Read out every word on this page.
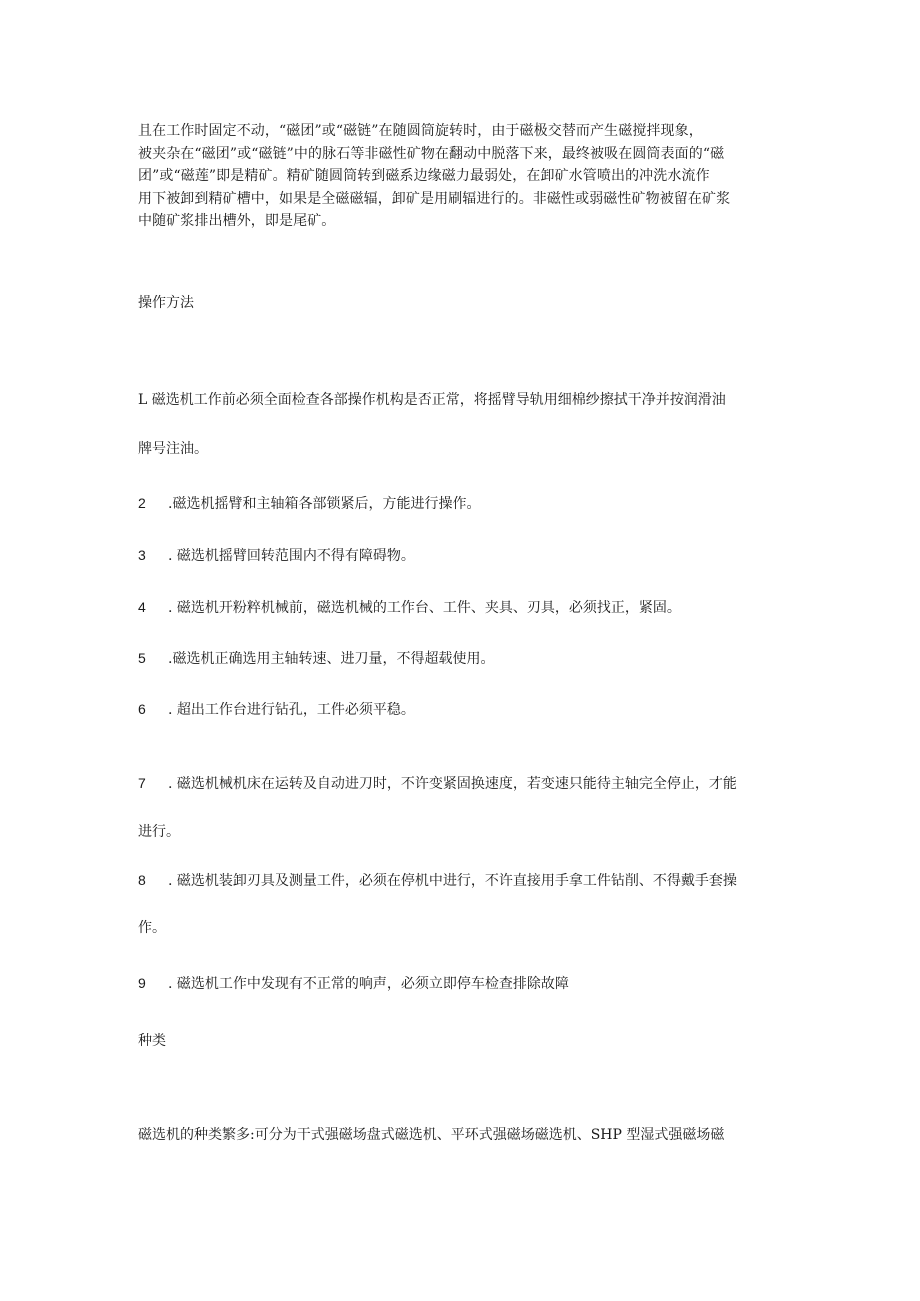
且在工作时固定不动，“磁团”或“磁链”在随圆筒旋转时，由于磁极交替而产生磁搅拌现象，
被夹杂在“磁团”或“磁链”中的脉石等非磁性矿物在翻动中脱落下来，最终被吸在圆筒表面的“磁
团”或“磁莲”即是精矿。精矿随圆筒转到磁系边缘磁力最弱处，在卸矿水管喷出的冲洗水流作
用下被卸到精矿槽中，如果是全磁磁辐，卸矿是用刷辐进行的。非磁性或弱磁性矿物被留在矿浆
中随矿浆排出槽外，即是尾矿。

操作方法

L 磁选机工作前必须全面检查各部操作机构是否正常，将摇臂导轨用细棉纱擦拭干净并按润滑油

牌号注油。

2 .磁选机摇臂和主轴箱各部锁紧后，方能进行操作。

3 . 磁选机摇臂回转范围内不得有障碍物。

4 . 磁选机开粉粹机械前，磁选机械的工作台、工件、夹具、刃具，必须找正，紧固。

5 .磁选机正确选用主轴转速、进刀量，不得超载使用。

6 . 超出工作台进行钻孔，工件必须平稳。

7 . 磁选机械机床在运转及自动进刀时，不许变紧固换速度，若变速只能待主轴完全停止，才能

进行。

8 . 磁选机装卸刃具及测量工件，必须在停机中进行，不许直接用手拿工件钻削、不得戴手套操

作。

9 . 磁选机工作中发现有不正常的响声，必须立即停车检查排除故障

种类

磁选机的种类繁多:可分为干式强磁场盘式磁选机、平环式强磁场磁选机、SHP 型湿式强磁场磁
